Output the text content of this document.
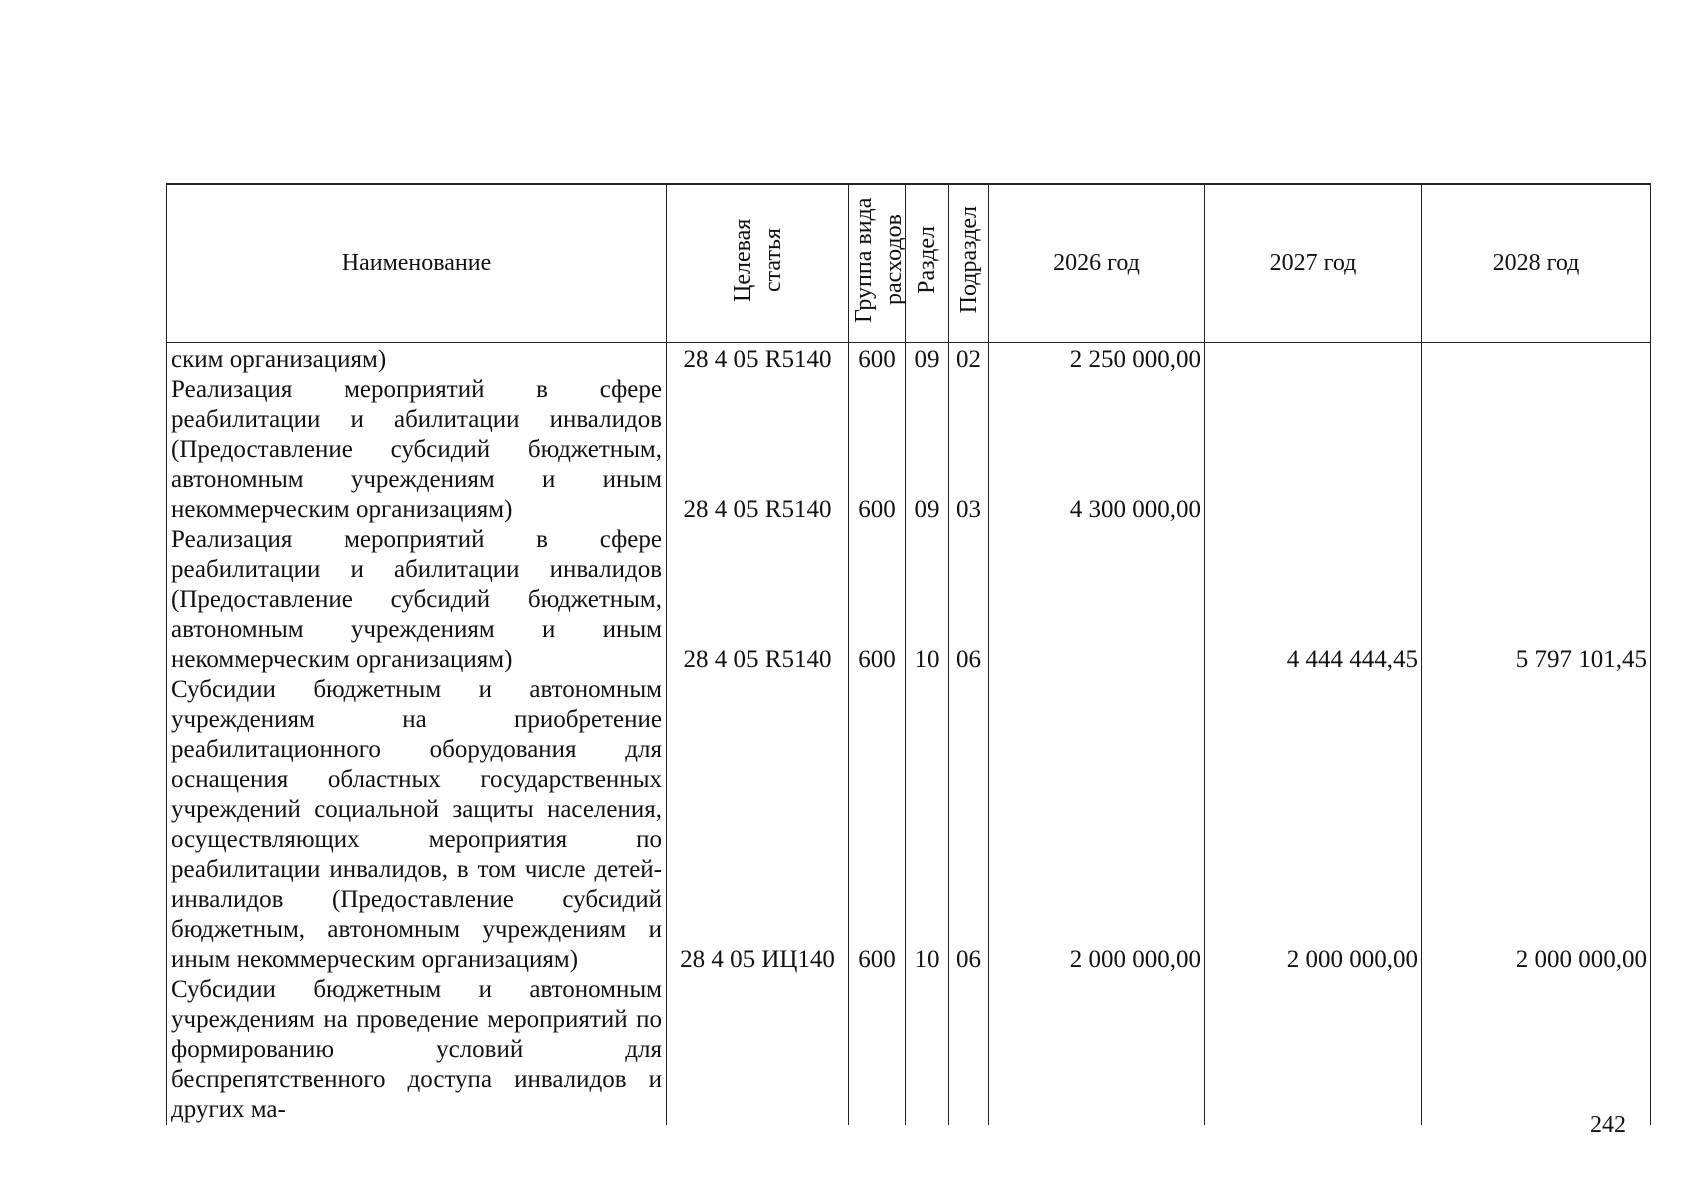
Наименование	Целевая статья	Группа вида расходов	Раздел	Подраздел	2026 год	2027 год	2028 год
ским организациям)	28 4 05 R5140	600	09	02	2 250 000,00		
Реализация мероприятий в сфере реабилитации и абилитации инвалидов (Предоставление субсидий бюджетным, автономным учреждениям и иным некоммерческим организациям)	28 4 05 R5140	600	09	03	4 300 000,00		
Реализация мероприятий в сфере реабилитации и абилитации инвалидов (Предоставление субсидий бюджетным, автономным учреждениям и иным некоммерческим организациям)	28 4 05 R5140	600	10	06		4 444 444,45	5 797 101,45
Субсидии бюджетным и автономным учреждениям на приобретение реабилитационного оборудования для оснащения областных государственных учреждений социальной защиты населения, осуществляющих мероприятия по реабилитации инвалидов, в том числе детей-инвалидов (Предоставление субсидий бюджетным, автономным учреждениям и иным некоммерческим организациям)	28 4 05 ИЦ140	600	10	06	2 000 000,00	2 000 000,00	2 000 000,00
Субсидии бюджетным и автономным учреждениям на проведение мероприятий по формированию условий для беспрепятственного доступа инвалидов и других ма-							
242
